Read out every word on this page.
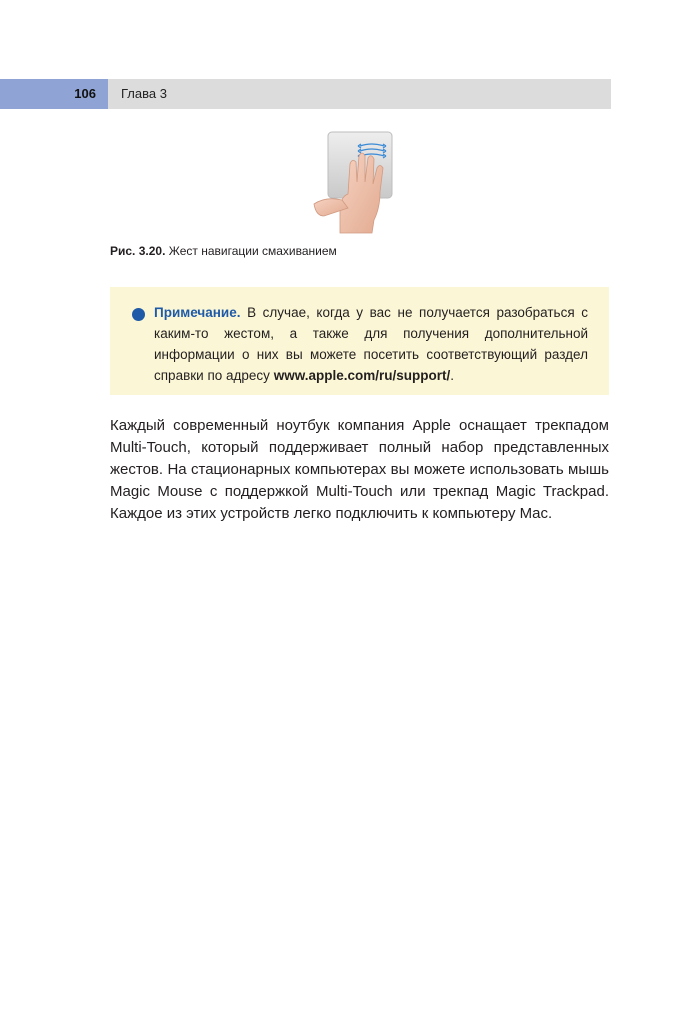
106 Глава 3
Рис. 3.20. Жест навигации смахиванием
Примечание. В случае, когда у вас не получается разобраться с каким-то жестом, а также для получения дополнительной информации о них вы можете посетить соответствующий раздел справки по адресу www.apple.com/ru/support/.

Каждый современный ноутбук компания Apple оснащает трекпадом Multi-Touch, который поддерживает полный набор представленных жестов. На стационарных компьютерах вы можете использовать мышь Magic Mouse с поддержкой Multi-Touch или трекпад Magic Trackpad. Каждое из этих устройств легко подключить к компьютеру Mac.
